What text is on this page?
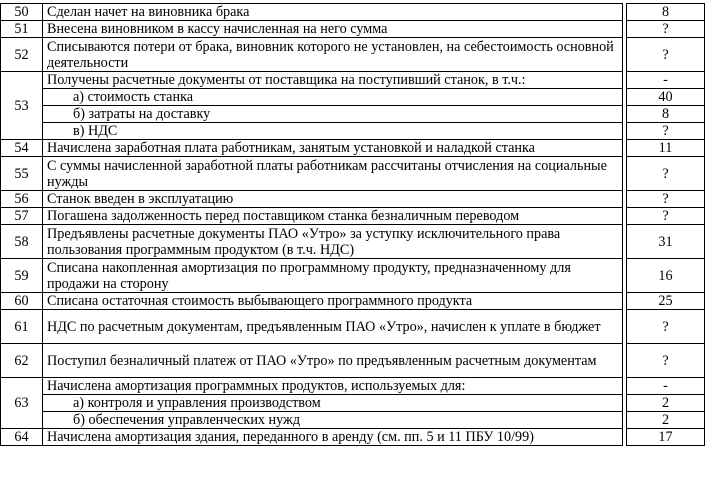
50	Сделан начет на виновника брака		8
51	Внесена виновником в кассу начисленная на него сумма		?
52	Списываются потери от брака, виновник которого не установлен, на себестоимость основной деятельности		?
53	Получены расчетные документы от поставщика на поступивший станок, в т.ч.:		-
	а) стоимость станка		40
	б) затраты на доставку		8
	в) НДС		?
54	Начислена заработная плата работникам, занятым установкой и наладкой станка		11
55	С суммы начисленной заработной платы работникам рассчитаны отчисления на социальные нужды		?
56	Станок введен в эксплуатацию		?
57	Погашена задолженность перед поставщиком станка безналичным переводом		?
58	Предъявлены расчетные документы ПАО «Утро» за уступку исключительного права пользования программным продуктом (в т.ч. НДС)		31
59	Списана накопленная амортизация по программному продукту, предназначенному для продажи на сторону		16
60	Списана остаточная стоимость выбывающего программного продукта		25
61	НДС по расчетным документам, предъявленным ПАО «Утро», начислен к уплате в бюджет		?
62	Поступил безналичный платеж от ПАО «Утро» по предъявленным расчетным документам		?
63	Начислена амортизация программных продуктов, используемых для:		-
	а) контроля и управления производством		2
	б) обеспечения управленческих нужд		2
64	Начислена амортизация здания, переданного в аренду (см. пп. 5 и 11 ПБУ 10/99)		17
